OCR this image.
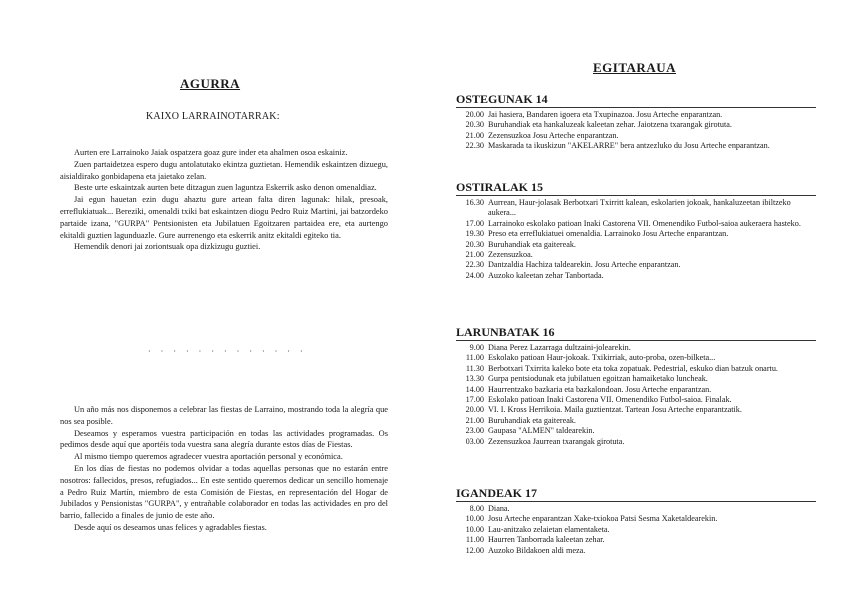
AGURRA
KAIXO LARRAINOTARRAK:

Aurten ere Larrainoko Jaiak ospatzera goaz gure inder eta ahalmen osoa eskainiz.

Zuen partaidetzea espero dugu antolatutako ekintza guztietan. Hemendik eskaintzen dizuegu, aisialdirako gonbidapena eta jaietako zelan.

Beste urte eskaintzak aurten bete ditzagun zuen laguntza Eskerrik asko denon omenaldiaz.

Jai egun hauetan ezin dugu ahaztu gure artean falta diren lagunak: hilak, presoak, erreflukiatuak... Bereziki, omenaldi txiki bat eskaintzen diogu Pedro Ruiz Martini, jai batzordeko partaide izana, "GURPA" Pentsionisten eta Jubilatuen Egoitzaren partaidea ere, eta aurtengo ekitaldi guztien lagunduazle. Gure aurrenengo eta eskerrik anitz ekitaldi egiteko tia.

Hemendik denori jai zoriontsuak opa dizkizugu guztiei.

· · · · · · · · · · · · ·

Un año más nos disponemos a celebrar las fiestas de Larraino, mostrando toda la alegría que nos sea posible.

Deseamos y esperamos vuestra participación en todas las actividades programadas. Os pedimos desde aquí que aportéis toda vuestra sana alegría durante estos días de Fiestas.

Al mismo tiempo queremos agradecer vuestra aportación personal y económica.

En los días de fiestas no podemos olvidar a todas aquellas personas que no estarán entre nosotros: fallecidos, presos, refugiados... En este sentido queremos dedicar un sencillo homenaje a Pedro Ruiz Martín, miembro de esta Comisión de Fiestas, en representación del Hogar de Jubilados y Pensionistas "GURPA", y entrañable colaborador en todas las actividades en pro del barrio, fallecido a finales de junio de este año.

Desde aquí os deseamos unas felices y agradables fiestas.

EGITARAUA
OSTEGUNAK 14
20.00 Jai hasiera, Bandaren igoera eta Txupinazoa. Josu Arteche enparantzan.
20.30 Buruhandiak eta hankaluzeak kaleetan zehar. Jaiotzena txarangak girotuta.
21.00 Zezensuzkoa Josu Arteche enparantzan.
22.30 Maskarada ta ikuskizun "AKELARRE" bera antzezluko du Josu Arteche enparantzan.
OSTIRALAK 15
16.30 Aurrean, Haur-jolasak Berbotxari Txirritt kalean, eskolarien jokoak, hankaluzeetan ibiltzeko aukera...
17.00 Larrainoko eskolako patioan Inaki Castorena VII. Omenendiko Futbol-saioa aukeraera hasteko.
19.30 Preso eta erreflukiatuei omenaldia. Larrainoko Josu Arteche enparantzan.
20.30 Buruhandiak eta gaitereak.
21.00 Zezensuzkoa.
22.30 Dantzaldia Hachiza taldearekin. Josu Arteche enparantzan.
24.00 Auzoko kaleetan zehar Tanbortada.
LARUNBATAK 16
9.00 Diana Perez Lazarraga dultzaini-jolearekin.
11.00 Eskolako patioan Haur-jokoak. Txikirriak, auto-proba, ozen-bilketa...
11.30 Berbotxari Txirrita kaleko bote eta toka zopatuak. Pedestrial, eskuko dian batzuk onartu.
13.30 Gurpa pentsiodunak eta jubilatuen egoitzan hamaiketako luncheak.
14.00 Haurrentzako bazkaria eta bazkalondoan. Josu Arteche enparantzan.
17.00 Eskolako patioan Inaki Castorena VII. Omenendiko Futbol-saioa. Finalak.
20.00 VI. I. Kross Herrikoia. Maila guztientzat. Tartean Josu Arteche enparantzatik.
21.00 Buruhandiak eta gaitereak.
23.00 Gaupasa "ALMEN" taldearekin.
03.00 Zezensuzkoa Jaurrean txarangak girotuta.
IGANDEAK 17
8.00 Diana.
10.00 Josu Arteche enparantzan Xake-txiokoa Patsi Sesma Xaketaldearekin.
10.00 Lau-anitzako zelaietan elamentaketa.
11.00 Haurren Tanborrada kaleetan zehar.
12.00 Auzoko Bildakoen aldi meza.
